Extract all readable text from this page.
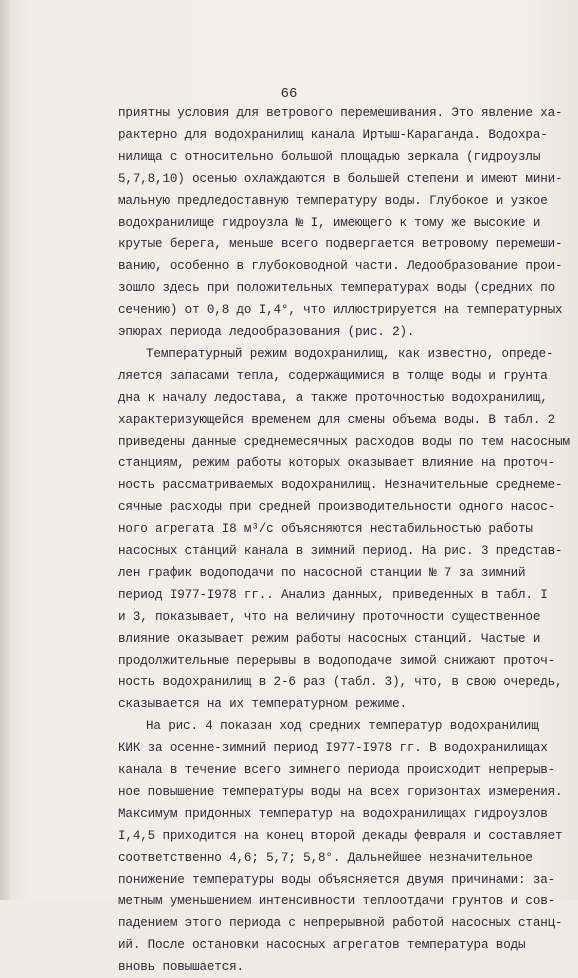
66
приятны условия для ветрового перемешивания. Это явление ха-
рактерно для водохранилищ канала Иртыш-Караганда. Водохра-
нилища с относительно большой площадью зеркала (гидроузлы
5,7,8,10) осенью охлаждаются в большей степени и имеют мини-
мальную предледоставную температуру воды. Глубокое и узкое
водохранилище гидроузла № I, имеющего к тому же высокие и
крутые берега, меньше всего подвергается ветровому перемеши-
ванию, особенно в глубоководной части. Ледообразование прои-
зошло здесь при положительных температурах воды (средних по
сечению) от 0,8 до I,4°, что иллюстрируется на температурных
эпюрах периода ледообразования (рис. 2).
Температурный режим водохранилищ, как известно, опреде-
ляется запасами тепла, содержащимися в толще воды и грунта
дна к началу ледостава, а также проточностью водохранилищ,
характеризующейся временем для смены объема воды. В табл. 2
приведены данные среднемесячных расходов воды по тем насосным
станциям, режим работы которых оказывает влияние на проточ-
ность рассматриваемых водохранилищ. Незначительные среднеме-
сячные расходы при средней производительности одного насос-
ного агрегата I8 м³/с объясняются нестабильностью работы
насосных станций канала в зимний период. На рис. 3 представ-
лен график водоподачи по насосной станции № 7 за зимний
период I977-I978 гг.. Анализ данных, приведенных в табл. I
и 3, показывает, что на величину проточности существенное
влияние оказывает режим работы насосных станций. Частые и
продолжительные перерывы в водоподаче зимой снижают проточ-
ность водохранилищ в 2-6 раз (табл. 3), что, в свою очередь,
сказывается на их температурном режиме.
На рис. 4 показан ход средних температур водохранилищ
КИК за осенне-зимний период I977-I978 гг. В водохранилищах
канала в течение всего зимнего периода происходит непрерыв-
ное повышение температуры воды на всех горизонтах измерения.
Максимум придонных температур на водохранилищах гидроузлов
I,4,5 приходится на конец второй декады февраля и составляет
соответственно 4,6; 5,7; 5,8°. Дальнейшее незначительное
понижение температуры воды объясняется двумя причинами: за-
метным уменьшением интенсивности теплоотдачи грунтов и сов-
падением этого периода с непрерывной работой насосных станц-
ий. После остановки насосных агрегатов температура воды
вновь повышается.
